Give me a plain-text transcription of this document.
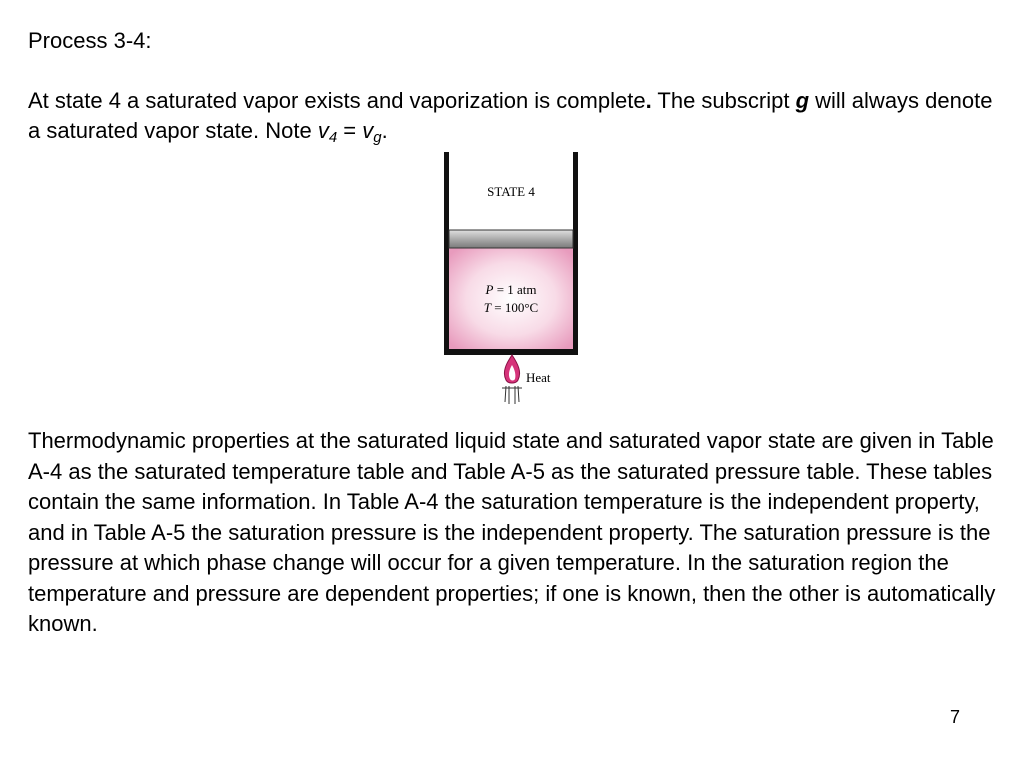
Process 3-4:

At state 4 a saturated vapor exists and vaporization is complete. The subscript g will always denote a saturated vapor state. Note $v_4 = v_g$.

STATE 4
P = 1 atm
T = 100°C
Heat

Thermodynamic properties at the saturated liquid state and saturated vapor state are given in Table A-4 as the saturated temperature table and Table A-5 as the saturated pressure table. These tables contain the same information. In Table A-4 the saturation temperature is the independent property, and in Table A-5 the saturation pressure is the independent property. The saturation pressure is the pressure at which phase change will occur for a given temperature. In the saturation region the temperature and pressure are dependent properties; if one is known, then the other is automatically known.

7
